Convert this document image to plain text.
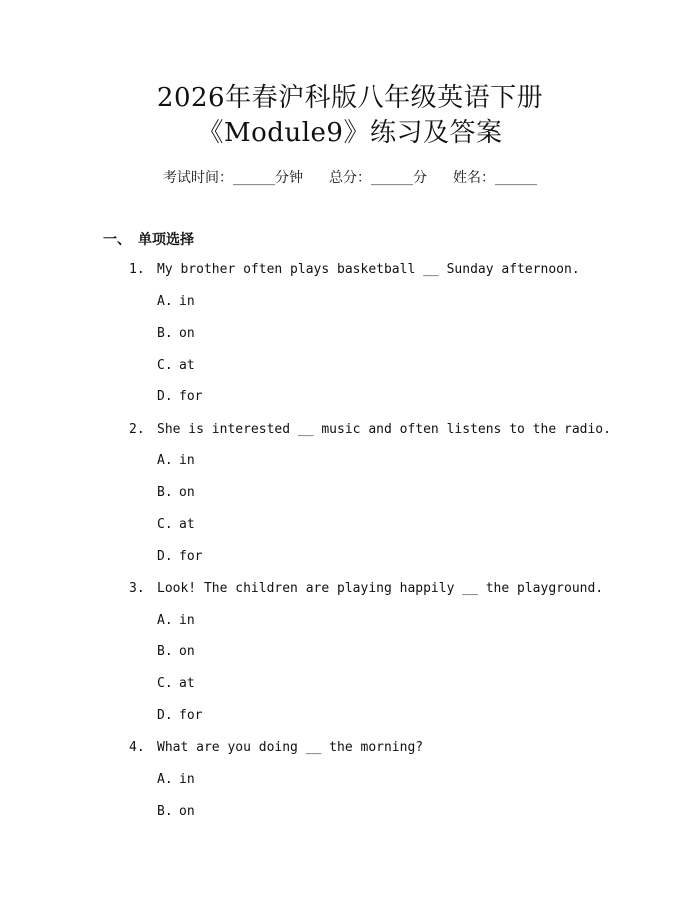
2026年春沪科版八年级英语下册
《Module9》练习及答案
考试时间：______分钟 总分：______分 姓名：______
一、 单项选择
1. My brother often plays basketball __ Sunday afternoon.
A. in
B. on
C. at
D. for
2. She is interested __ music and often listens to the radio.
A. in
B. on
C. at
D. for
3. Look! The children are playing happily __ the playground.
A. in
B. on
C. at
D. for
4. What are you doing __ the morning?
A. in
B. on
